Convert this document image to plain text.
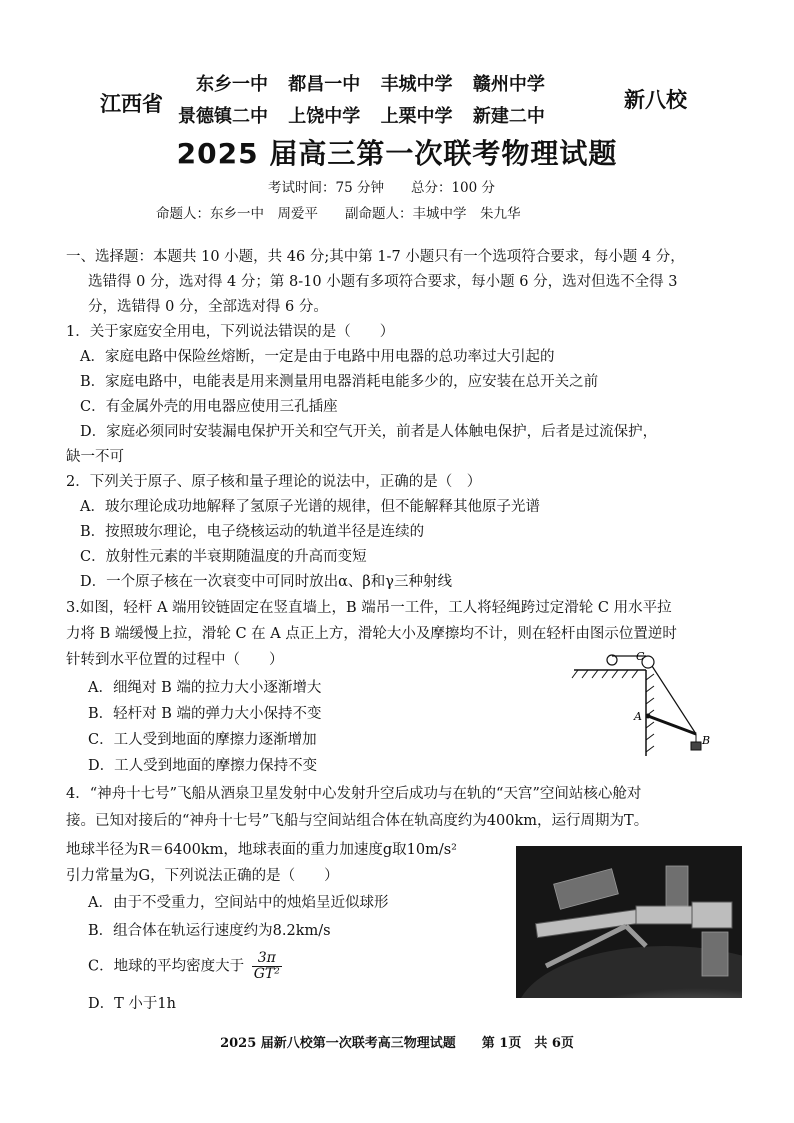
江西省
东乡一中 都昌一中 丰城中学 赣州中学
景德镇二中 上饶中学 上栗中学 新建二中
新八校
2025 届高三第一次联考物理试题
考试时间：75 分钟　　总分：100 分
命题人：东乡一中　周爱平　　副命题人：丰城中学　朱九华
一、选择题：本题共 10 小题，共 46 分;其中第 1-7 小题只有一个选项符合要求，每小题 4 分，
选错得 0 分，选对得 4 分；第 8-10 小题有多项符合要求，每小题 6 分，选对但选不全得 3
分，选错得 0 分，全部选对得 6 分。
1．关于家庭安全用电，下列说法错误的是（　　）
A．家庭电路中保险丝熔断，一定是由于电路中用电器的总功率过大引起的
B．家庭电路中，电能表是用来测量用电器消耗电能多少的，应安装在总开关之前
C．有金属外壳的用电器应使用三孔插座
D．家庭必须同时安装漏电保护开关和空气开关，前者是人体触电保护，后者是过流保护，
缺一不可
2．下列关于原子、原子核和量子理论的说法中，正确的是（　）
A．玻尔理论成功地解释了氢原子光谱的规律，但不能解释其他原子光谱
B．按照玻尔理论，电子绕核运动的轨道半径是连续的
C．放射性元素的半衰期随温度的升高而变短
D．一个原子核在一次衰变中可同时放出α、β和γ三种射线
3.如图，轻杆 A 端用铰链固定在竖直墙上，B 端吊一工件，工人将轻绳跨过定滑轮 C 用水平拉
力将 B 端缓慢上拉，滑轮 C 在 A 点正上方，滑轮大小及摩擦均不计，则在轻杆由图示位置逆时
针转到水平位置的过程中（　　）
A．细绳对 B 端的拉力大小逐渐增大
B．轻杆对 B 端的弹力大小保持不变
C．工人受到地面的摩擦力逐渐增加
D．工人受到地面的摩擦力保持不变
C
A
B
4．“神舟十七号”飞船从酒泉卫星发射中心发射升空后成功与在轨的“天宫”空间站核心舱对
接。已知对接后的“神舟十七号”飞船与空间站组合体在轨高度约为400km，运行周期为T。
地球半径为R＝6400km，地球表面的重力加速度g取10m/s²
引力常量为G，下列说法正确的是（　　）
A．由于不受重力，空间站中的烛焰呈近似球形
B．组合体在轨运行速度约为8.2km/s
C．地球的平均密度大于 $\frac{3\pi}{\text{GT²}}$
D．T 小于1h
2025 届新八校第一次联考高三物理试题　　第 1页　共 6页
